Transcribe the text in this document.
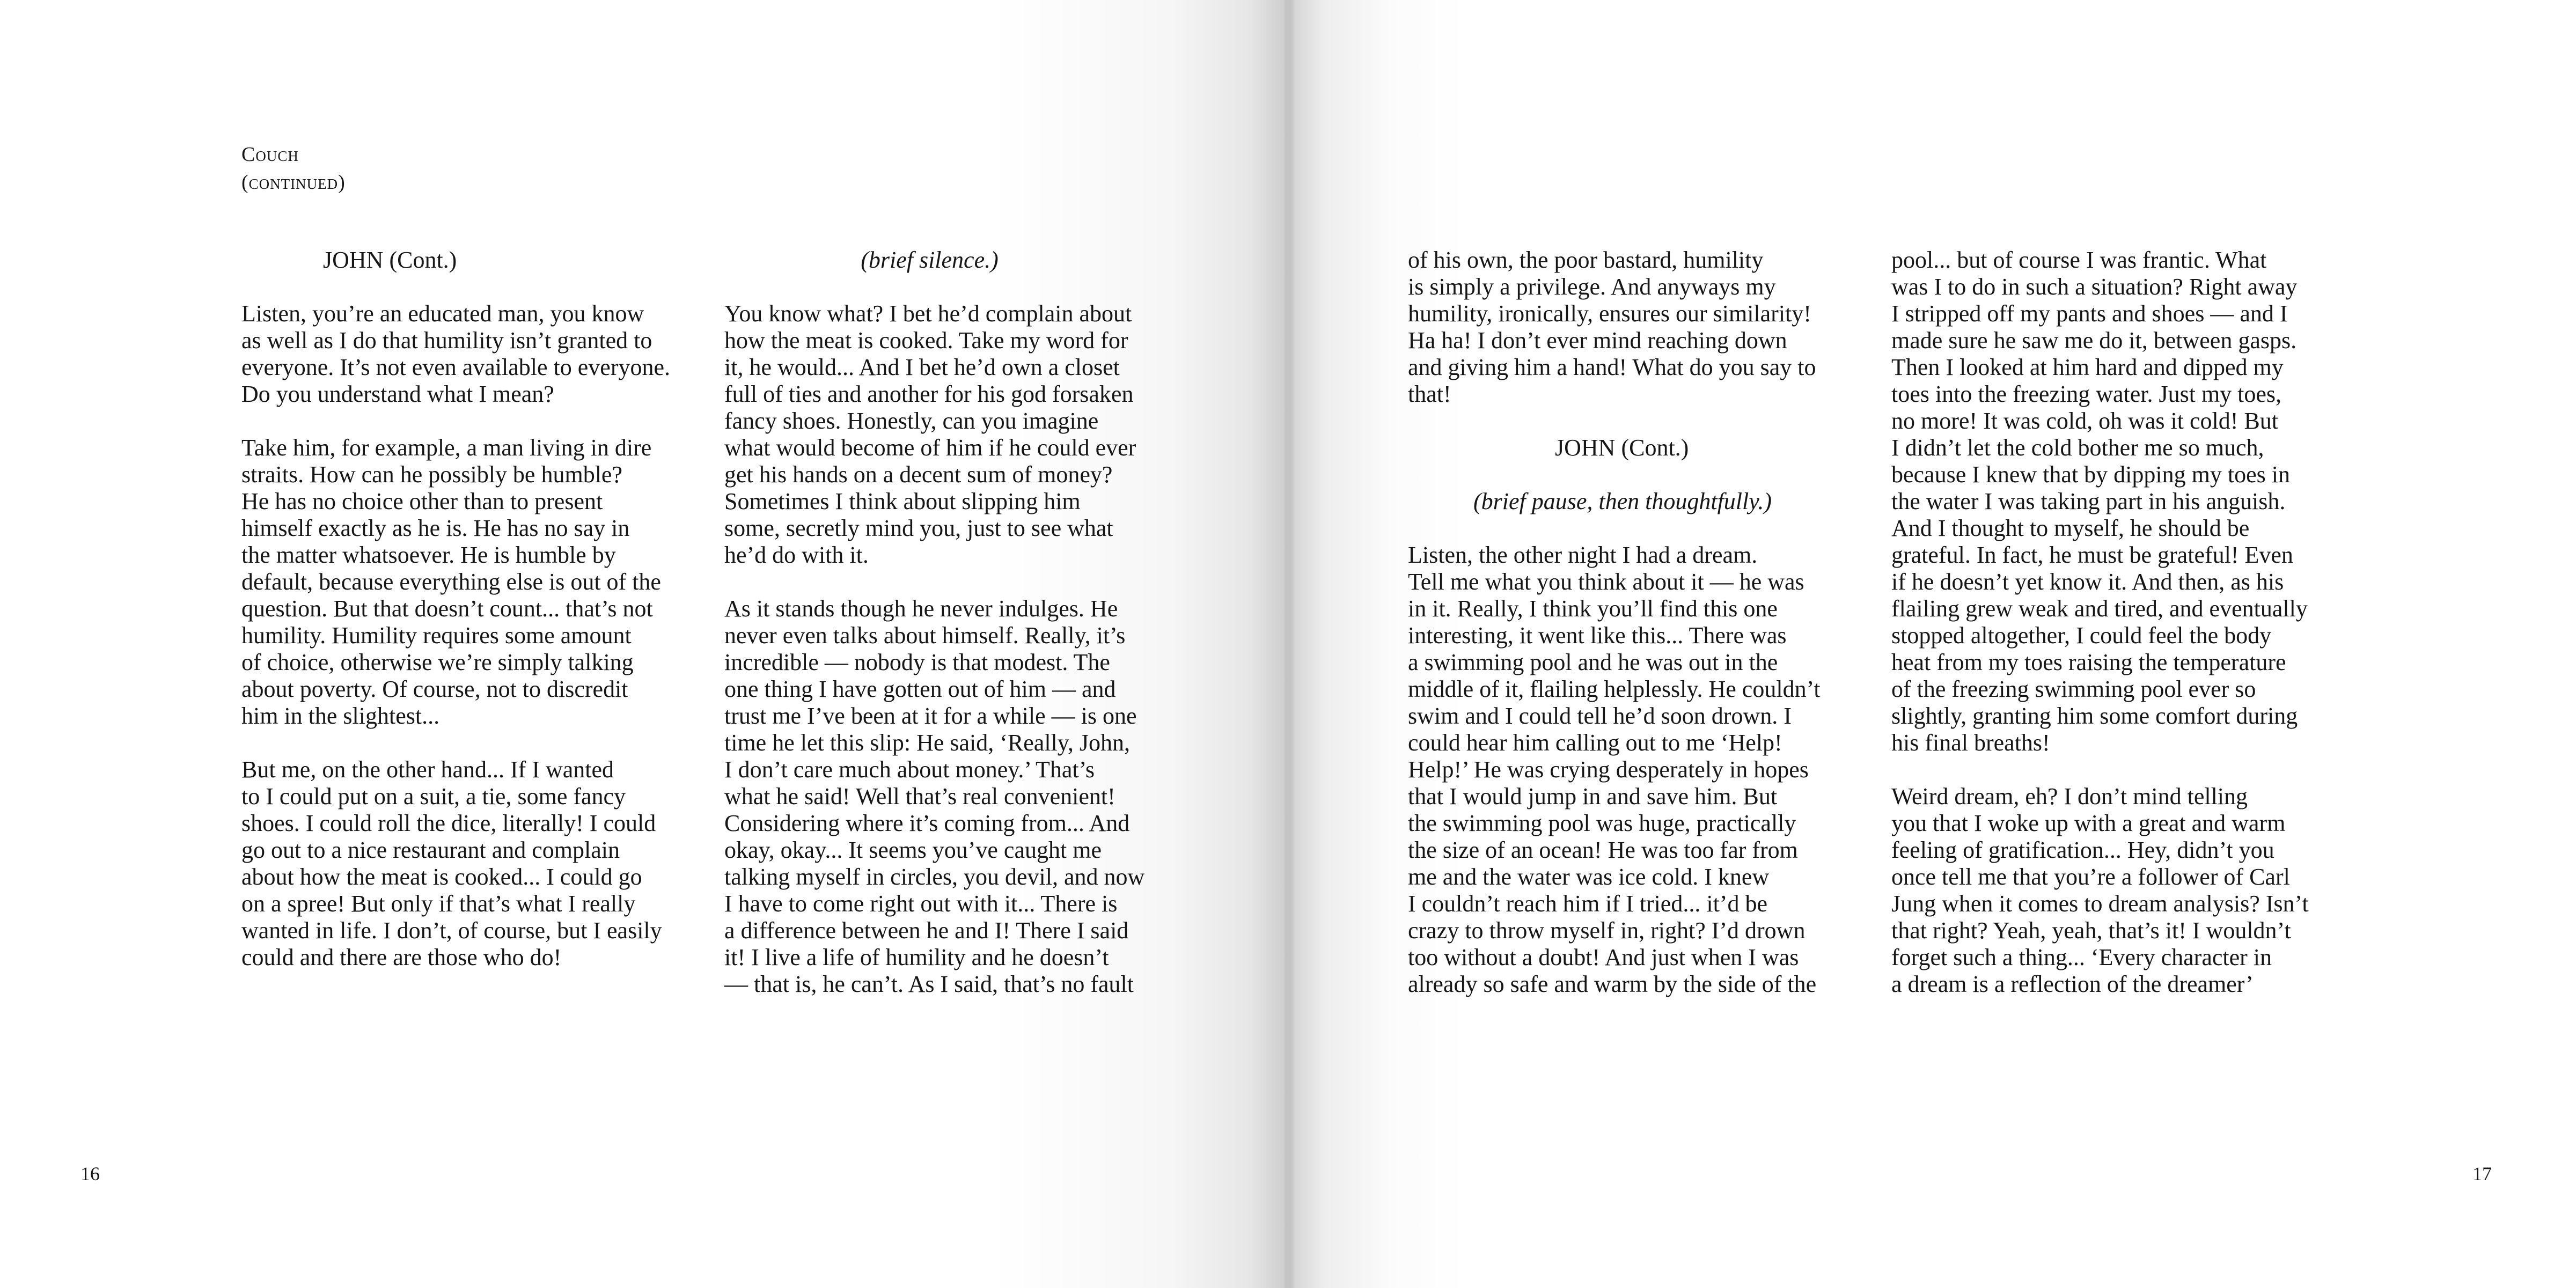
Couch
(continued)
JOHN (Cont.)
Listen, you’re an educated man, you know
as well as I do that humility isn’t granted to
everyone. It’s not even available to everyone.
Do you understand what I mean?
Take him, for example, a man living in dire
straits. How can he possibly be humble?
He has no choice other than to present
himself exactly as he is. He has no say in
the matter whatsoever. He is humble by
default, because everything else is out of the
question. But that doesn’t count... that’s not
humility. Humility requires some amount
of choice, otherwise we’re simply talking
about poverty. Of course, not to discredit
him in the slightest...
But me, on the other hand... If I wanted
to I could put on a suit, a tie, some fancy
shoes. I could roll the dice, literally! I could
go out to a nice restaurant and complain
about how the meat is cooked... I could go
on a spree! But only if that’s what I really
wanted in life. I don’t, of course, but I easily
could and there are those who do!
(brief silence.)
You know what? I bet he’d complain about
how the meat is cooked. Take my word for
it, he would... And I bet he’d own a closet
full of ties and another for his god forsaken
fancy shoes. Honestly, can you imagine
what would become of him if he could ever
get his hands on a decent sum of money?
Sometimes I think about slipping him
some, secretly mind you, just to see what
he’d do with it.
As it stands though he never indulges. He
never even talks about himself. Really, it’s
incredible — nobody is that modest. The
one thing I have gotten out of him — and
trust me I’ve been at it for a while — is one
time he let this slip: He said, ‘Really, John,
I don’t care much about money.’ That’s
what he said! Well that’s real convenient!
Considering where it’s coming from... And
okay, okay... It seems you’ve caught me
talking myself in circles, you devil, and now
I have to come right out with it... There is
a difference between he and I! There I said
it! I live a life of humility and he doesn’t
— that is, he can’t. As I said, that’s no fault
16
of his own, the poor bastard, humility
is simply a privilege. And anyways my
humility, ironically, ensures our similarity!
Ha ha! I don’t ever mind reaching down
and giving him a hand! What do you say to
that!
JOHN (Cont.)
(brief pause, then thoughtfully.)
Listen, the other night I had a dream.
Tell me what you think about it — he was
in it. Really, I think you’ll find this one
interesting, it went like this... There was
a swimming pool and he was out in the
middle of it, flailing helplessly. He couldn’t
swim and I could tell he’d soon drown. I
could hear him calling out to me ‘Help!
Help!’ He was crying desperately in hopes
that I would jump in and save him. But
the swimming pool was huge, practically
the size of an ocean! He was too far from
me and the water was ice cold. I knew
I couldn’t reach him if I tried... it’d be
crazy to throw myself in, right? I’d drown
too without a doubt! And just when I was
already so safe and warm by the side of the
pool... but of course I was frantic. What
was I to do in such a situation? Right away
I stripped off my pants and shoes — and I
made sure he saw me do it, between gasps.
Then I looked at him hard and dipped my
toes into the freezing water. Just my toes,
no more! It was cold, oh was it cold! But
I didn’t let the cold bother me so much,
because I knew that by dipping my toes in
the water I was taking part in his anguish.
And I thought to myself, he should be
grateful. In fact, he must be grateful! Even
if he doesn’t yet know it. And then, as his
flailing grew weak and tired, and eventually
stopped altogether, I could feel the body
heat from my toes raising the temperature
of the freezing swimming pool ever so
slightly, granting him some comfort during
his final breaths!
Weird dream, eh? I don’t mind telling
you that I woke up with a great and warm
feeling of gratification... Hey, didn’t you
once tell me that you’re a follower of Carl
Jung when it comes to dream analysis? Isn’t
that right? Yeah, yeah, that’s it! I wouldn’t
forget such a thing... ‘Every character in
a dream is a reflection of the dreamer’
17
